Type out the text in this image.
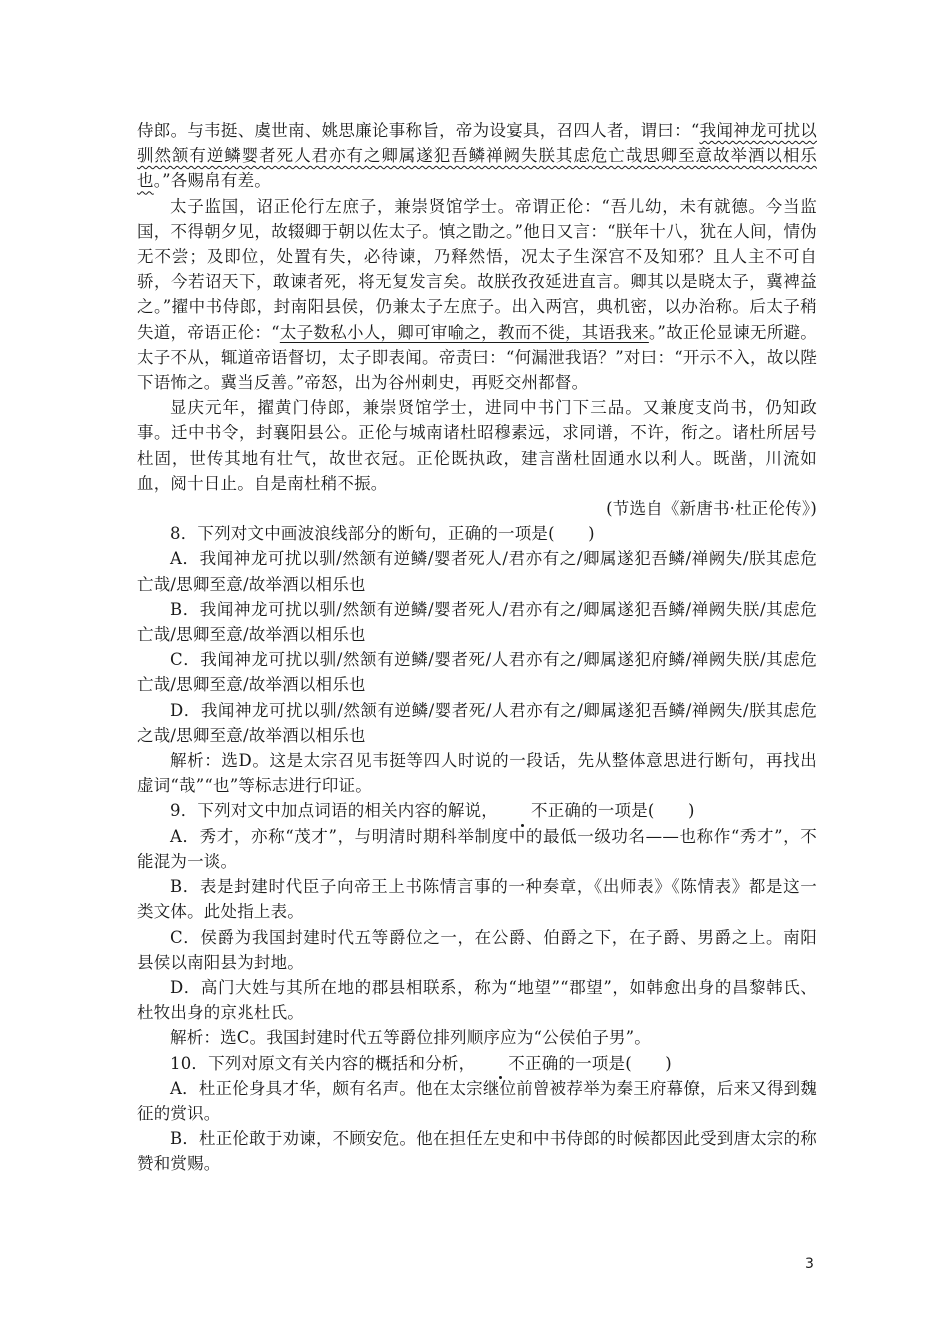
侍郎。与韦挺、虞世南、姚思廉论事称旨，帝为设宴具，召四人者，谓曰：“我闻神龙可扰以驯然颔有逆鳞婴者死人君亦有之卿属遂犯吾鳞禅阙失朕其虑危亡哉思卿至意故举酒以相乐也。”各赐帛有差。

太子监国，诏正伦行左庶子，兼崇贤馆学士。帝谓正伦：“吾儿幼，未有就德。今当监国，不得朝夕见，故辍卿于朝以佐太子。慎之勖之。”他日又言：“朕年十八，犹在人间，情伪无不尝；及即位，处置有失，必待谏，乃释然悟，况太子生深宫不及知邪？且人主不可自骄，今若诏天下，敢谏者死，将无复发言矣。故朕孜孜延进直言。卿其以是晓太子，冀裨益之。”擢中书侍郎，封南阳县侯，仍兼太子左庶子。出入两宫，典机密，以办治称。后太子稍失道，帝语正伦：“太子数私小人，卿可审喻之，教而不徙，其语我来。”故正伦显谏无所避。太子不从，辄道帝语督切，太子即表闻。帝责曰：“何漏泄我语？”对曰：“开示不入，故以陛下语怖之。冀当反善。”帝怒，出为谷州刺史，再贬交州都督。

显庆元年，擢黄门侍郎，兼崇贤馆学士，进同中书门下三品。又兼度支尚书，仍知政事。迁中书令，封襄阳县公。正伦与城南诸杜昭穆素远，求同谱，不许，衔之。诸杜所居号杜固，世传其地有壮气，故世衣冠。正伦既执政，建言凿杜固通水以利人。既凿，川流如血，阅十日止。自是南杜稍不振。

(节选自《新唐书·杜正伦传》)

8．下列对文中画波浪线部分的断句，正确的一项是(　　)

A．我闻神龙可扰以驯/然颔有逆鳞/婴者死人/君亦有之/卿属遂犯吾鳞/禅阙失/朕其虑危亡哉/思卿至意/故举酒以相乐也

B．我闻神龙可扰以驯/然颔有逆鳞/婴者死人/君亦有之/卿属遂犯吾鳞/禅阙失朕/其虑危亡哉/思卿至意/故举酒以相乐也

C．我闻神龙可扰以驯/然颔有逆鳞/婴者死/人君亦有之/卿属遂犯府鳞/禅阙失朕/其虑危亡哉/思卿至意/故举酒以相乐也

D．我闻神龙可扰以驯/然颔有逆鳞/婴者死/人君亦有之/卿属遂犯吾鳞/禅阙失/朕其虑危之哉/思卿至意/故举酒以相乐也

解析：选D。这是太宗召见韦挺等四人时说的一段话，先从整体意思进行断句，再找出虚词“哉”“也”等标志进行印证。

9．下列对文中加点词语的相关内容的解说， 不正确的一项是(　　)

A．秀才，亦称“茂才”，与明清时期科举制度中的最低一级功名——也称作“秀才”，不能混为一谈。

B．表是封建时代臣子向帝王上书陈情言事的一种奏章，《出师表》《陈情表》都是这一类文体。此处指上表。

C．侯爵为我国封建时代五等爵位之一，在公爵、伯爵之下，在子爵、男爵之上。南阳县侯以南阳县为封地。

D．高门大姓与其所在地的郡县相联系，称为“地望”“郡望”，如韩愈出身的昌黎韩氏、杜牧出身的京兆杜氏。

解析：选C。我国封建时代五等爵位排列顺序应为“公侯伯子男”。

10．下列对原文有关内容的概括和分析， 不正确的一项是(　　)

A．杜正伦身具才华，颇有名声。他在太宗继位前曾被荐举为秦王府幕僚，后来又得到魏征的赏识。

B．杜正伦敢于劝谏，不顾安危。他在担任左史和中书侍郎的时候都因此受到唐太宗的称赞和赏赐。

3
